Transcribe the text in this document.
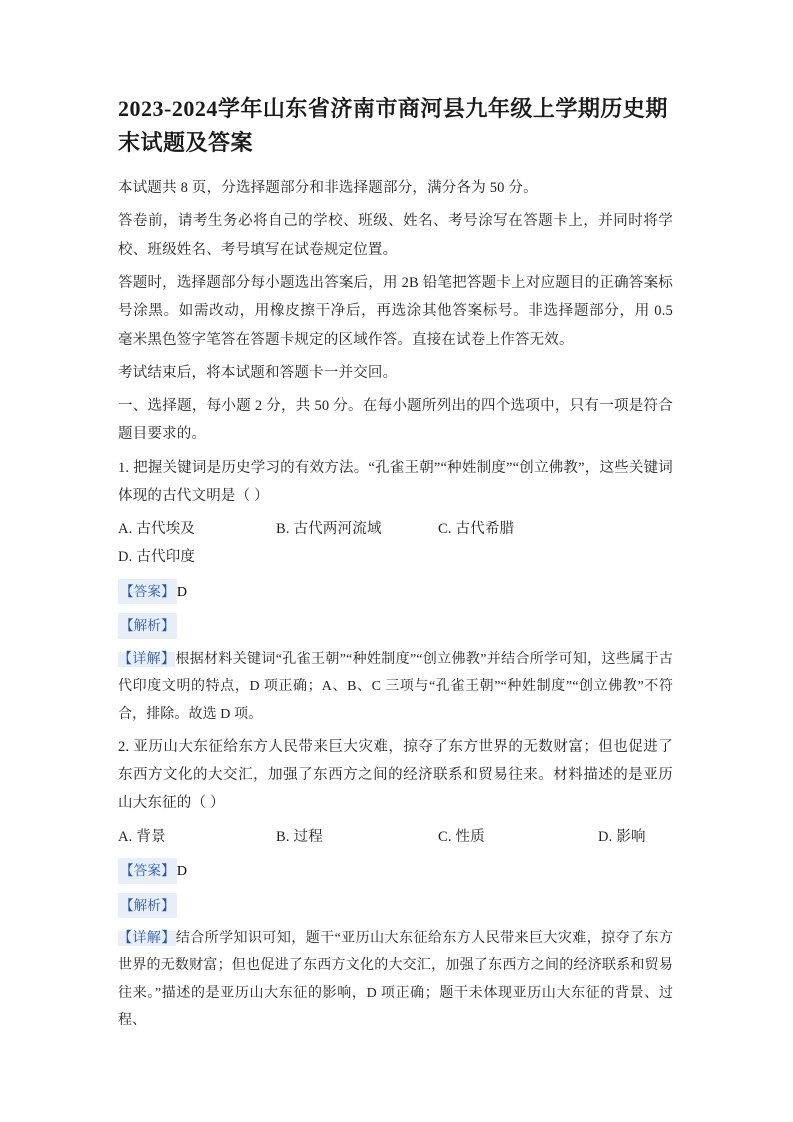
2023-2024学年山东省济南市商河县九年级上学期历史期末试题及答案

本试题共 8 页，分选择题部分和非选择题部分，满分各为 50 分。

答卷前，请考生务必将自己的学校、班级、姓名、考号涂写在答题卡上，并同时将学校、班级姓名、考号填写在试卷规定位置。

答题时，选择题部分每小题选出答案后，用 2B 铅笔把答题卡上对应题目的正确答案标号涂黑。如需改动，用橡皮擦干净后，再选涂其他答案标号。非选择题部分，用 0.5 毫米黑色签字笔答在答题卡规定的区域作答。直接在试卷上作答无效。

考试结束后，将本试题和答题卡一并交回。

一、选择题，每小题 2 分，共 50 分。在每小题所列出的四个选项中，只有一项是符合题目要求的。

1. 把握关键词是历史学习的有效方法。“孔雀王朝”“种姓制度”“创立佛教”，这些关键词体现的古代文明是（ ）

A. 古代埃及	B. 古代两河流域	C. 古代希腊D. 古代印度
【答案】 D
【解析】

【详解】根据材料关键词“孔雀王朝”“种姓制度”“创立佛教”并结合所学可知，这些属于古代印度文明的特点，D 项正确；A、B、C 三项与“孔雀王朝”“种姓制度”“创立佛教”不符合，排除。故选 D 项。

2. 亚历山大东征给东方人民带来巨大灾难，掠夺了东方世界的无数财富；但也促进了东西方文化的大交汇，加强了东西方之间的经济联系和贸易往来。材料描述的是亚历山大东征的（ ）

A. 背景	B. 过程	C. 性质	D. 影响
【答案】 D
【解析】

【详解】结合所学知识可知，题干“亚历山大东征给东方人民带来巨大灾难，掠夺了东方世界的无数财富；但也促进了东西方文化的大交汇，加强了东西方之间的经济联系和贸易往来。”描述的是亚历山大东征的影响，D 项正确；题干未体现亚历山大东征的背景、过程、
